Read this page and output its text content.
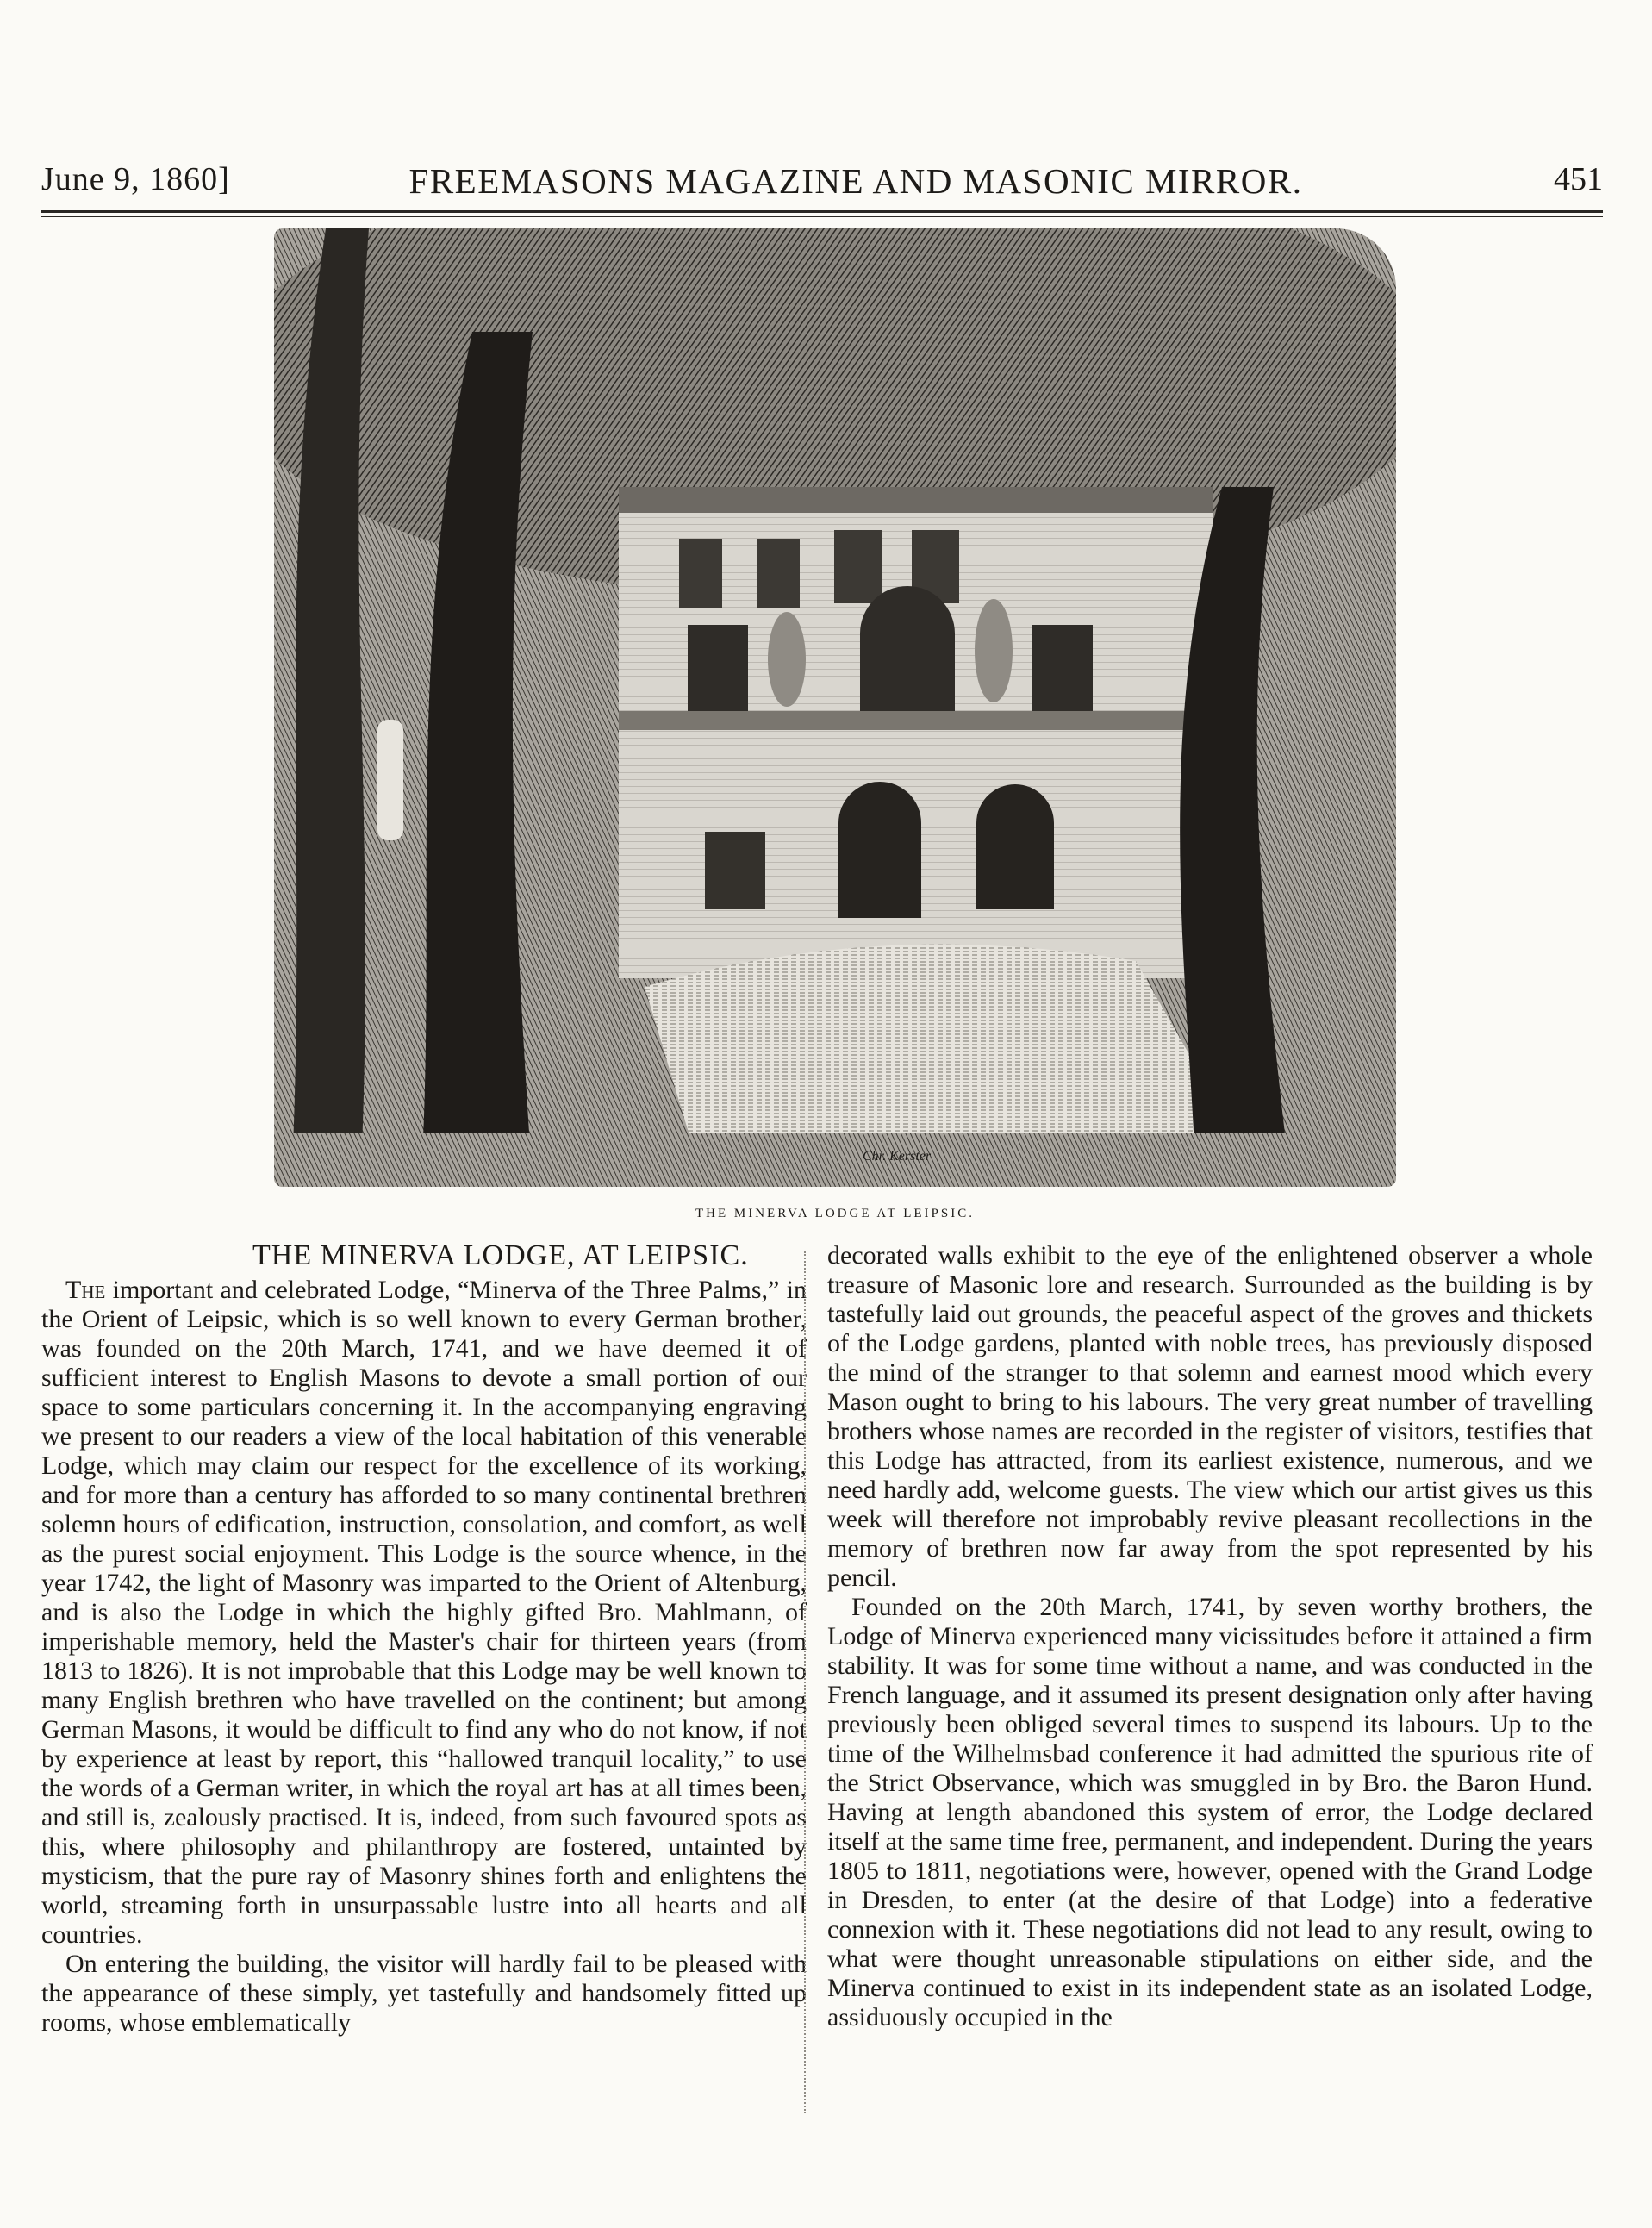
June 9, 1860]	FREEMASONS MAGAZINE AND MASONIC MIRROR.	451
Chr. Kerster
THE MINERVA LODGE AT LEIPSIC.
THE MINERVA LODGE, AT LEIPSIC.

The important and celebrated Lodge, “Minerva of the Three Palms,” in the Orient of Leipsic, which is so well known to every German brother, was founded on the 20th March, 1741, and we have deemed it of sufficient interest to English Masons to devote a small portion of our space to some particulars concerning it. In the accompanying engraving we present to our readers a view of the local habitation of this venerable Lodge, which may claim our respect for the excellence of its working, and for more than a century has afforded to so many continental brethren solemn hours of edification, instruction, consolation, and comfort, as well as the purest social enjoyment. This Lodge is the source whence, in the year 1742, the light of Masonry was imparted to the Orient of Altenburg, and is also the Lodge in which the highly gifted Bro. Mahlmann, of imperishable memory, held the Master's chair for thirteen years (from 1813 to 1826). It is not improbable that this Lodge may be well known to many English brethren who have travelled on the continent; but among German Masons, it would be difficult to find any who do not know, if not by experience at least by report, this “hallowed tranquil locality,” to use the words of a German writer, in which the royal art has at all times been, and still is, zealously practised. It is, indeed, from such favoured spots as this, where philosophy and philanthropy are fostered, untainted by mysticism, that the pure ray of Masonry shines forth and enlightens the world, streaming forth in unsurpassable lustre into all hearts and all countries.

On entering the building, the visitor will hardly fail to be pleased with the appearance of these simply, yet tastefully and handsomely fitted up rooms, whose emblematically

decorated walls exhibit to the eye of the enlightened observer a whole treasure of Masonic lore and research. Surrounded as the building is by tastefully laid out grounds, the peaceful aspect of the groves and thickets of the Lodge gardens, planted with noble trees, has previously disposed the mind of the stranger to that solemn and earnest mood which every Mason ought to bring to his labours. The very great number of travelling brothers whose names are recorded in the register of visitors, testifies that this Lodge has attracted, from its earliest existence, numerous, and we need hardly add, welcome guests. The view which our artist gives us this week will therefore not improbably revive pleasant recollections in the memory of brethren now far away from the spot represented by his pencil.

Founded on the 20th March, 1741, by seven worthy brothers, the Lodge of Minerva experienced many vicissitudes before it attained a firm stability. It was for some time without a name, and was conducted in the French language, and it assumed its present designation only after having previously been obliged several times to suspend its labours. Up to the time of the Wilhelmsbad conference it had admitted the spurious rite of the Strict Observance, which was smuggled in by Bro. the Baron Hund. Having at length abandoned this system of error, the Lodge declared itself at the same time free, permanent, and independent. During the years 1805 to 1811, negotiations were, however, opened with the Grand Lodge in Dresden, to enter (at the desire of that Lodge) into a federative connexion with it. These negotiations did not lead to any result, owing to what were thought unreasonable stipulations on either side, and the Minerva continued to exist in its independent state as an isolated Lodge, assiduously occupied in the
